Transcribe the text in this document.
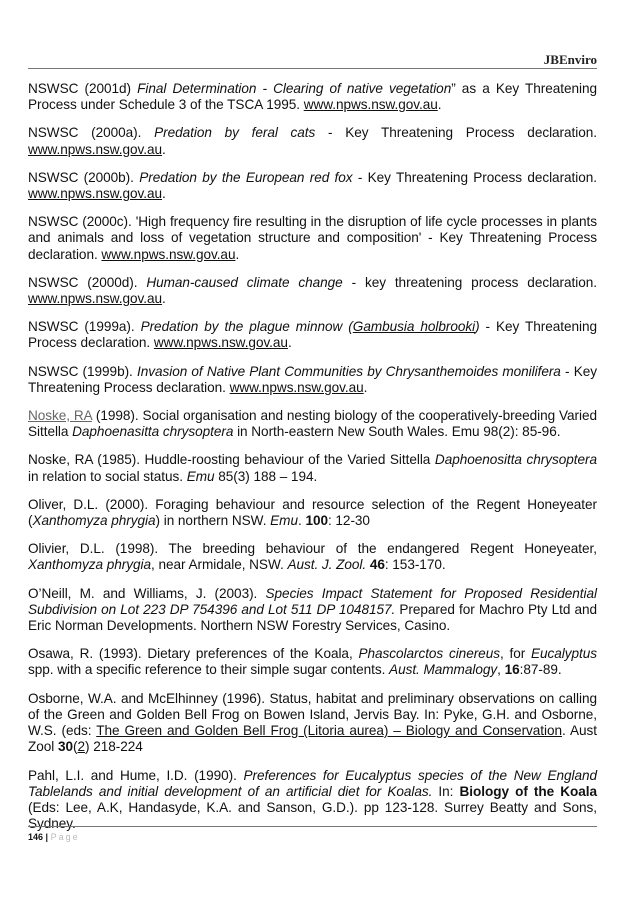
JBEnviro

NSWSC (2001d) Final Determination - Clearing of native vegetation” as a Key Threatening Process under Schedule 3 of the TSCA 1995. www.npws.nsw.gov.au.

NSWSC (2000a). Predation by feral cats - Key Threatening Process declaration. www.npws.nsw.gov.au.

NSWSC (2000b). Predation by the European red fox - Key Threatening Process declaration. www.npws.nsw.gov.au.

NSWSC (2000c). 'High frequency fire resulting in the disruption of life cycle processes in plants and animals and loss of vegetation structure and composition' - Key Threatening Process declaration. www.npws.nsw.gov.au.

NSWSC (2000d). Human-caused climate change - key threatening process declaration. www.npws.nsw.gov.au.

NSWSC (1999a). Predation by the plague minnow (Gambusia holbrooki) - Key Threatening Process declaration. www.npws.nsw.gov.au.

NSWSC (1999b). Invasion of Native Plant Communities by Chrysanthemoides monilifera - Key Threatening Process declaration. www.npws.nsw.gov.au.

Noske, RA (1998). Social organisation and nesting biology of the cooperatively-breeding Varied Sittella Daphoenasitta chrysoptera in North-eastern New South Wales. Emu 98(2): 85-96.

Noske, RA (1985). Huddle-roosting behaviour of the Varied Sittella Daphoenositta chrysoptera in relation to social status. Emu 85(3) 188 – 194.

Oliver, D.L. (2000). Foraging behaviour and resource selection of the Regent Honeyeater (Xanthomyza phrygia) in northern NSW. Emu. 100: 12-30

Olivier, D.L. (1998). The breeding behaviour of the endangered Regent Honeyeater, Xanthomyza phrygia, near Armidale, NSW. Aust. J. Zool. 46: 153-170.

O’Neill, M. and Williams, J. (2003). Species Impact Statement for Proposed Residential Subdivision on Lot 223 DP 754396 and Lot 511 DP 1048157. Prepared for Machro Pty Ltd and Eric Norman Developments. Northern NSW Forestry Services, Casino.

Osawa, R. (1993). Dietary preferences of the Koala, Phascolarctos cinereus, for Eucalyptus spp. with a specific reference to their simple sugar contents. Aust. Mammalogy, 16:87-89.

Osborne, W.A. and McElhinney (1996). Status, habitat and preliminary observations on calling of the Green and Golden Bell Frog on Bowen Island, Jervis Bay. In: Pyke, G.H. and Osborne, W.S. (eds: The Green and Golden Bell Frog (Litoria aurea) – Biology and Conservation. Aust Zool 30(2) 218-224

Pahl, L.I. and Hume, I.D. (1990). Preferences for Eucalyptus species of the New England Tablelands and initial development of an artificial diet for Koalas. In: Biology of the Koala (Eds: Lee, A.K, Handasyde, K.A. and Sanson, G.D.). pp 123-128. Surrey Beatty and Sons, Sydney.

146 | Page
